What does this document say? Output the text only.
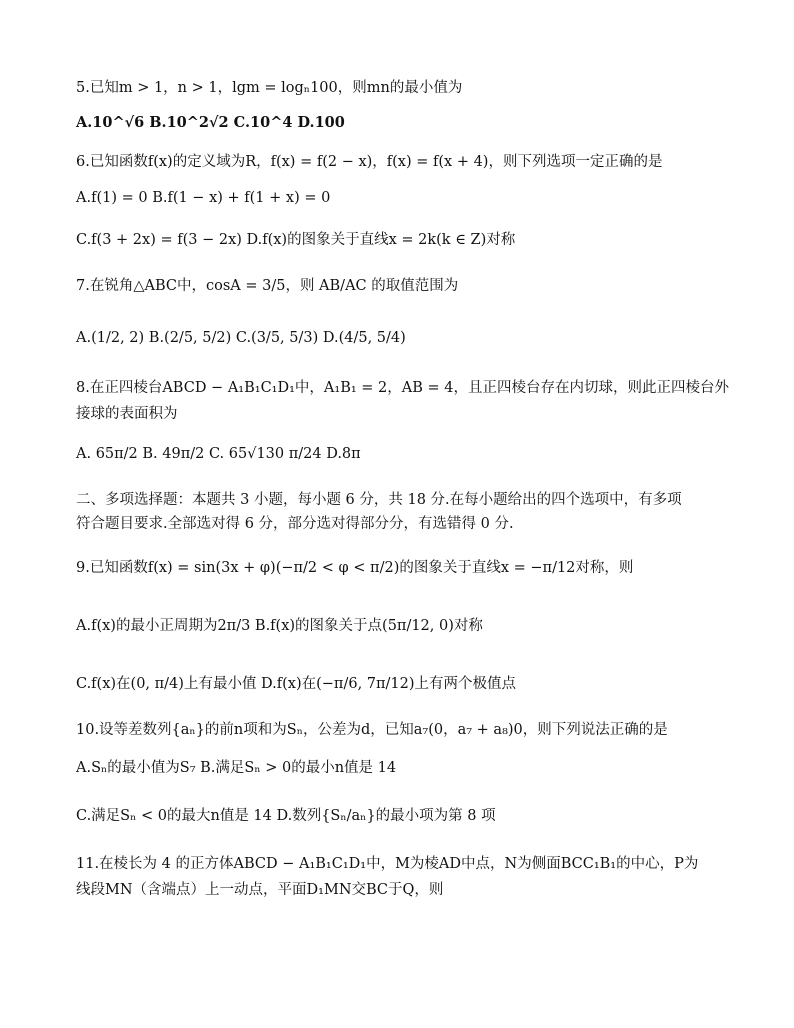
5.已知m > 1，n > 1，lgm = logₙ100，则mn的最小值为
A.10^√6 B.10^2√2 C.10^4 D.100
6.已知函数f(x)的定义域为R，f(x) = f(2 − x)，f(x) = f(x + 4)，则下列选项一定正确的是
A.f(1) = 0 B.f(1 − x) + f(1 + x) = 0
C.f(3 + 2x) = f(3 − 2x) D.f(x)的图象关于直线x = 2k(k ∈ Z)对称
7.在锐角△ABC中，cosA = 3/5，则 AB/AC 的取值范围为
A.(1/2, 2) B.(2/5, 5/2) C.(3/5, 5/3) D.(4/5, 5/4)
8.在正四棱台ABCD − A₁B₁C₁D₁中，A₁B₁ = 2，AB = 4，且正四棱台存在内切球，则此正四棱台外
接球的表面积为
A. 65π/2 B. 49π/2 C. 65√130 π/24 D.8π
二、多项选择题：本题共 3 小题，每小题 6 分，共 18 分.在每小题给出的四个选项中，有多项
符合题目要求.全部选对得 6 分，部分选对得部分分，有选错得 0 分.
9.已知函数f(x) = sin(3x + φ)(−π/2 < φ < π/2)的图象关于直线x = −π/12对称，则
A.f(x)的最小正周期为2π/3 B.f(x)的图象关于点(5π/12, 0)对称
C.f(x)在(0, π/4)上有最小值 D.f(x)在(−π/6, 7π/12)上有两个极值点
10.设等差数列{aₙ}的前n项和为Sₙ，公差为d，已知a₇(0，a₇ + a₈)0，则下列说法正确的是
A.Sₙ的最小值为S₇ B.满足Sₙ > 0的最小n值是 14
C.满足Sₙ < 0的最大n值是 14 D.数列{Sₙ/aₙ}的最小项为第 8 项
11.在棱长为 4 的正方体ABCD − A₁B₁C₁D₁中，M为棱AD中点，N为侧面BCC₁B₁的中心，P为
线段MN（含端点）上一动点，平面D₁MN交BC于Q，则
